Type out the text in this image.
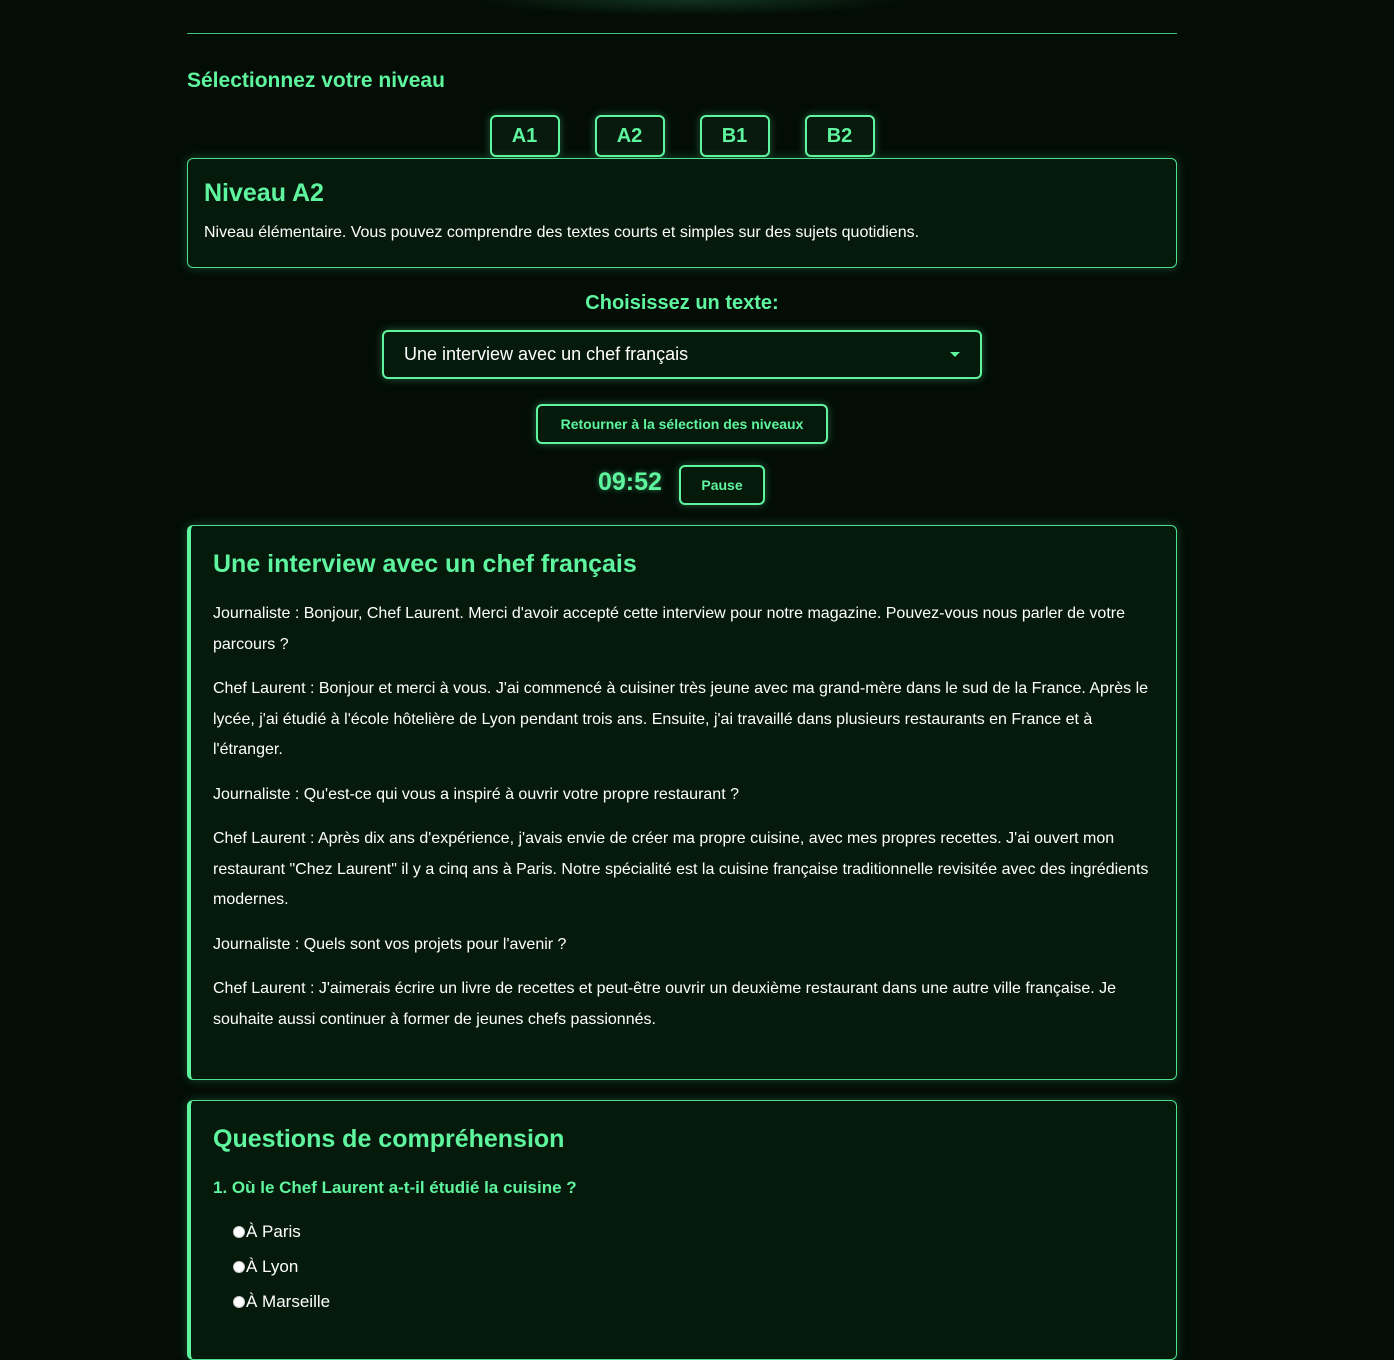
Sélectionnez votre niveau
A1	A2	B1	B2
Niveau A2

Niveau élémentaire. Vous pouvez comprendre des textes courts et simples sur des sujets quotidiens.

Choisissez un texte:
Une interview avec un chef français
Retourner à la sélection des niveaux
09:52	Pause
Une interview avec un chef français

Journaliste : Bonjour, Chef Laurent. Merci d'avoir accepté cette interview pour notre magazine. Pouvez-vous nous parler de votre parcours ?

Chef Laurent : Bonjour et merci à vous. J'ai commencé à cuisiner très jeune avec ma grand-mère dans le sud de la France. Après le lycée, j'ai étudié à l'école hôtelière de Lyon pendant trois ans. Ensuite, j'ai travaillé dans plusieurs restaurants en France et à l'étranger.

Journaliste : Qu'est-ce qui vous a inspiré à ouvrir votre propre restaurant ?

Chef Laurent : Après dix ans d'expérience, j'avais envie de créer ma propre cuisine, avec mes propres recettes. J'ai ouvert mon restaurant "Chez Laurent" il y a cinq ans à Paris. Notre spécialité est la cuisine française traditionnelle revisitée avec des ingrédients modernes.

Journaliste : Quels sont vos projets pour l'avenir ?

Chef Laurent : J'aimerais écrire un livre de recettes et peut-être ouvrir un deuxième restaurant dans une autre ville française. Je souhaite aussi continuer à former de jeunes chefs passionnés.

Questions de compréhension
1. Où le Chef Laurent a-t-il étudié la cuisine ?
À Paris
À Lyon
À Marseille
